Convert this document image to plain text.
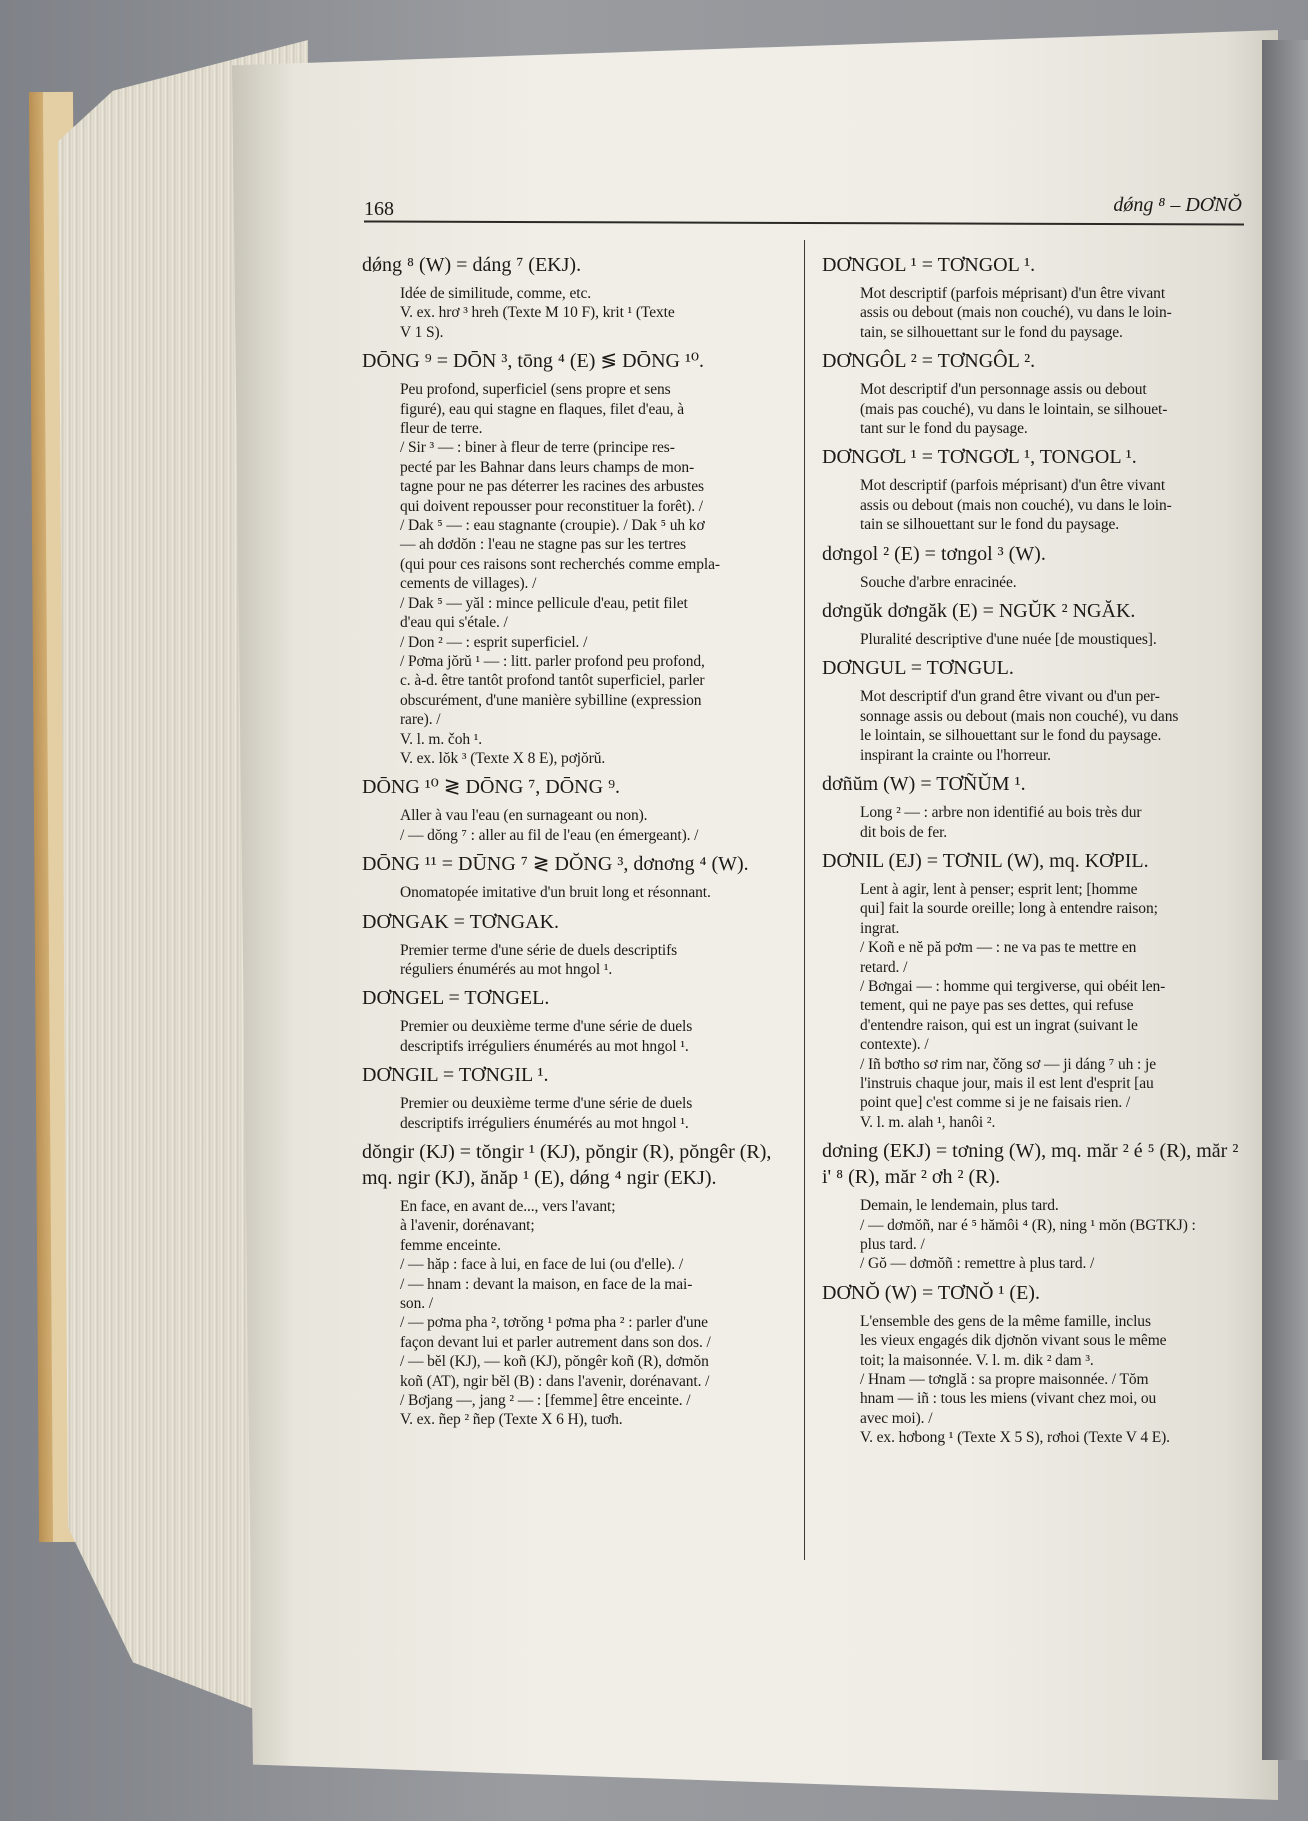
168	dǿng ⁸ – DƠNŎ
dǿng ⁸ (W) = dáng ⁷ (EKJ).
Idée de similitude, comme, etc.
V. ex. hrơ ³ hreh (Texte M 10 F), krit ¹ (Texte
V 1 S).
DŌNG ⁹ = DŌN ³, tōng ⁴ (E) ≶ DŌNG ¹⁰.
Peu profond, superficiel (sens propre et sens
figuré), eau qui stagne en flaques, filet d'eau, à
fleur de terre.
/ Sir ³ — : biner à fleur de terre (principe res-
pecté par les Bahnar dans leurs champs de mon-
tagne pour ne pas déterrer les racines des arbustes
qui doivent repousser pour reconstituer la forêt). /
/ Dak ⁵ — : eau stagnante (croupie). / Dak ⁵ uh kơ
— ah dơdŏn : l'eau ne stagne pas sur les tertres
(qui pour ces raisons sont recherchés comme empla-
cements de villages). /
/ Dak ⁵ — yăl : mince pellicule d'eau, petit filet
d'eau qui s'étale. /
/ Don ² — : esprit superficiel. /
/ Pơma jŏrŭ ¹ — : litt. parler profond peu profond,
c. à-d. être tantôt profond tantôt superficiel, parler
obscurément, d'une manière sybilline (expression
rare). /
V. l. m. čoh ¹.
V. ex. lŏk ³ (Texte X 8 E), pơjŏrŭ.
DŌNG ¹⁰ ≷ DŌNG ⁷, DŌNG ⁹.
Aller à vau l'eau (en surnageant ou non).
/ — dŏng ⁷ : aller au fil de l'eau (en émergeant). /
DŌNG ¹¹ = DŪNG ⁷ ≷ DŎNG ³, dơnơng ⁴ (W).
Onomatopée imitative d'un bruit long et résonnant.
DƠNGAK = TƠNGAK.
Premier terme d'une série de duels descriptifs
réguliers énumérés au mot hngol ¹.
DƠNGEL = TƠNGEL.
Premier ou deuxième terme d'une série de duels
descriptifs irréguliers énumérés au mot hngol ¹.
DƠNGIL = TƠNGIL ¹.
Premier ou deuxième terme d'une série de duels
descriptifs irréguliers énumérés au mot hngol ¹.
dŏngir (KJ) = tŏngir ¹ (KJ), pŏngir (R), pŏngêr (R), mq. ngir (KJ), ănăp ¹ (E), dǿng ⁴ ngir (EKJ).
En face, en avant de..., vers l'avant;
à l'avenir, dorénavant;
femme enceinte.
/ — hăp : face à lui, en face de lui (ou d'elle). /
/ — hnam : devant la maison, en face de la mai-
son. /
/ — pơma pha ², tơrŏng ¹ pơma pha ² : parler d'une
façon devant lui et parler autrement dans son dos. /
/ — bĕl (KJ), — koñ (KJ), pŏngêr koñ (R), dơmŏn
koñ (AT), ngir bĕl (B) : dans l'avenir, dorénavant. /
/ Bơjang —, jang ² — : [femme] être enceinte. /
V. ex. ñep ² ñep (Texte X 6 H), tuơh.
DƠNGOL ¹ = TƠNGOL ¹.
Mot descriptif (parfois méprisant) d'un être vivant
assis ou debout (mais non couché), vu dans le loin-
tain, se silhouettant sur le fond du paysage.
DƠNGÔL ² = TƠNGÔL ².
Mot descriptif d'un personnage assis ou debout
(mais pas couché), vu dans le lointain, se silhouet-
tant sur le fond du paysage.
DƠNGƠL ¹ = TƠNGƠL ¹, TONGOL ¹.
Mot descriptif (parfois méprisant) d'un être vivant
assis ou debout (mais non couché), vu dans le loin-
tain se silhouettant sur le fond du paysage.
dơngol ² (E) = tơngol ³ (W).
Souche d'arbre enracinée.
dơngŭk dơngăk (E) = NGŬK ² NGĂK.
Pluralité descriptive d'une nuée [de moustiques].
DƠNGUL = TƠNGUL.
Mot descriptif d'un grand être vivant ou d'un per-
sonnage assis ou debout (mais non couché), vu dans
le lointain, se silhouettant sur le fond du paysage.
inspirant la crainte ou l'horreur.
dơñŭm (W) = TƠÑŬM ¹.
Long ² — : arbre non identifié au bois très dur
dit bois de fer.
DƠNIL (EJ) = TƠNIL (W), mq. KƠPIL.
Lent à agir, lent à penser; esprit lent; [homme
qui] fait la sourde oreille; long à entendre raison;
ingrat.
/ Koñ e nĕ pă pơm — : ne va pas te mettre en
retard. /
/ Bơngai — : homme qui tergiverse, qui obéit len-
tement, qui ne paye pas ses dettes, qui refuse
d'entendre raison, qui est un ingrat (suivant le
contexte). /
/ Iñ bơtho sơ rim nar, čŏng sơ — ji dáng ⁷ uh : je
l'instruis chaque jour, mais il est lent d'esprit [au
point que] c'est comme si je ne faisais rien. /
V. l. m. alah ¹, hanôi ².
dơning (EKJ) = tơning (W), mq. măr ² é ⁵ (R), măr ² i' ⁸ (R), măr ² ơh ² (R).
Demain, le lendemain, plus tard.
/ — dơmŏñ, nar é ⁵ hămôi ⁴ (R), ning ¹ mŏn (BGTKJ) :
plus tard. /
/ Gŏ — dơmŏñ : remettre à plus tard. /
DƠNŎ (W) = TƠNŎ ¹ (E).
L'ensemble des gens de la même famille, inclus
les vieux engagés dik djơnŏn vivant sous le même
toit; la maisonnée. V. l. m. dik ² dam ³.
/ Hnam — tơnglă : sa propre maisonnée. / Tŏm
hnam — iñ : tous les miens (vivant chez moi, ou
avec moi). /
V. ex. hơbong ¹ (Texte X 5 S), rơhoi (Texte V 4 E).
